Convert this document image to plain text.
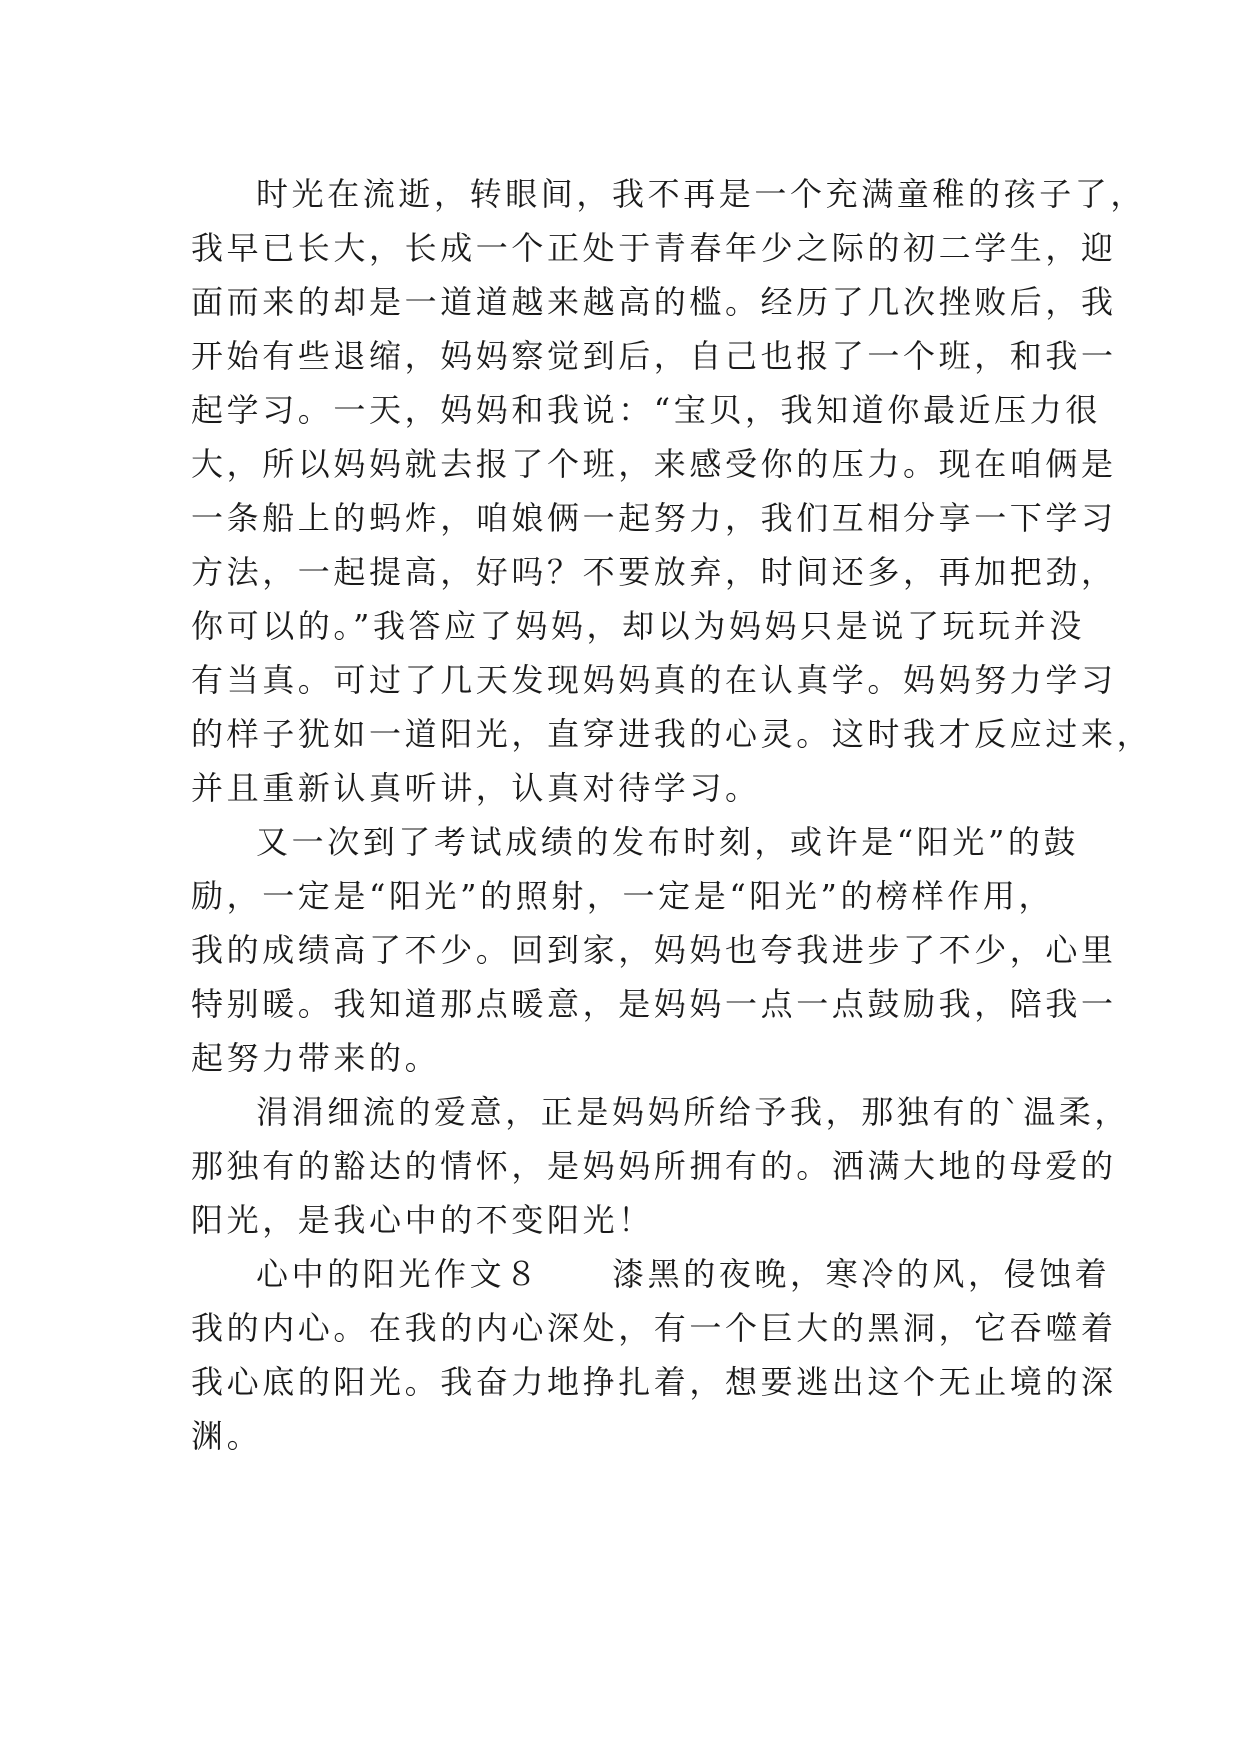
时光在流逝，转眼间，我不再是一个充满童稚的孩子了，
我早已长大，长成一个正处于青春年少之际的初二学生，迎
面而来的却是一道道越来越高的槛。经历了几次挫败后，我
开始有些退缩，妈妈察觉到后，自己也报了一个班，和我一
起学习。一天，妈妈和我说：“宝贝，我知道你最近压力很
大，所以妈妈就去报了个班，来感受你的压力。现在咱俩是
一条船上的蚂炸，咱娘俩一起努力，我们互相分享一下学习
方法，一起提高，好吗？不要放弃，时间还多，再加把劲，
你可以的。”我答应了妈妈，却以为妈妈只是说了玩玩并没
有当真。可过了几天发现妈妈真的在认真学。妈妈努力学习
的样子犹如一道阳光，直穿进我的心灵。这时我才反应过来，
并且重新认真听讲，认真对待学习。
又一次到了考试成绩的发布时刻，或许是“阳光”的鼓
励，一定是“阳光”的照射，一定是“阳光”的榜样作用，
我的成绩高了不少。回到家，妈妈也夸我进步了不少，心里
特别暖。我知道那点暖意，是妈妈一点一点鼓励我，陪我一
起努力带来的。
涓涓细流的爱意，正是妈妈所给予我，那独有的`温柔，
那独有的豁达的情怀，是妈妈所拥有的。洒满大地的母爱的
阳光，是我心中的不变阳光！
心中的阳光作文８　　漆黑的夜晚，寒冷的风，侵蚀着
我的内心。在我的内心深处，有一个巨大的黑洞，它吞噬着
我心底的阳光。我奋力地挣扎着，想要逃出这个无止境的深
渊。
